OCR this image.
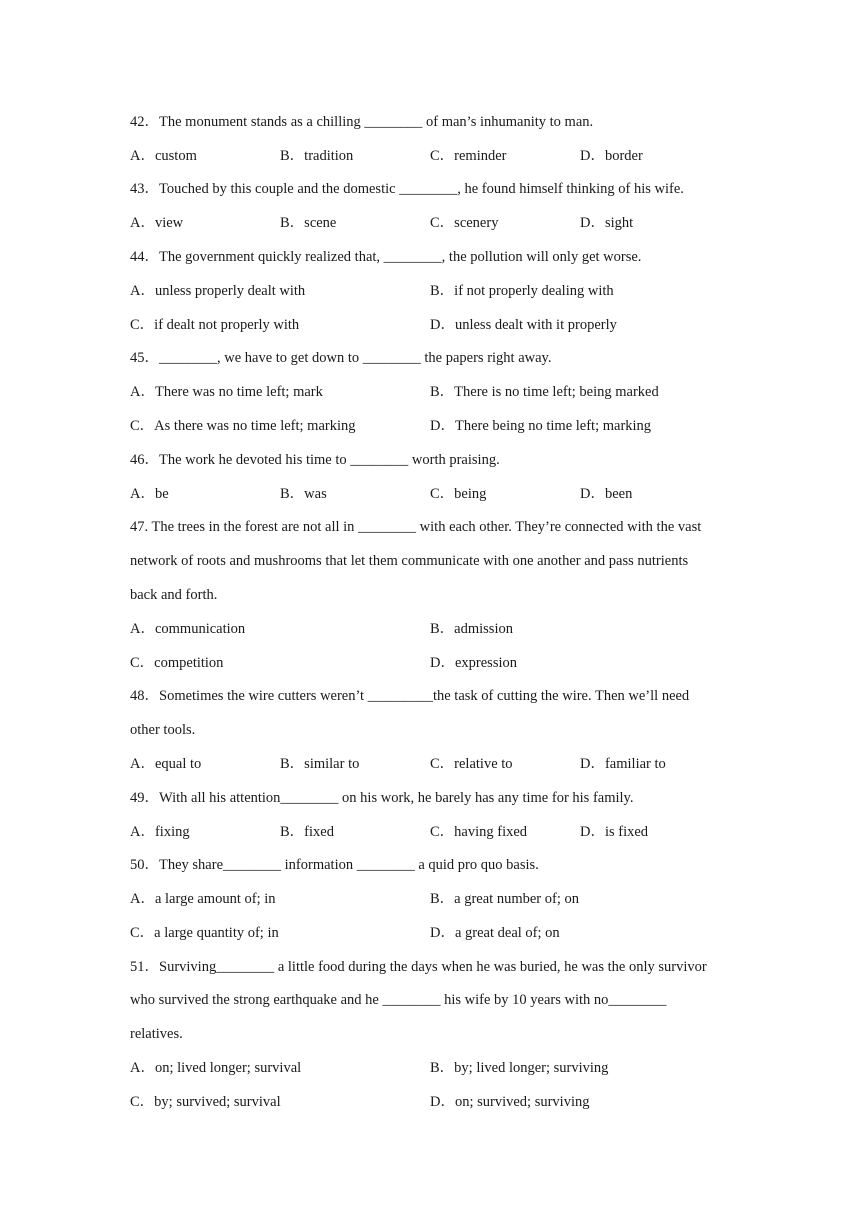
42．The monument stands as a chilling ________ of man’s inhumanity to man.
A．custom	B．tradition	C．reminder	D．border
43．Touched by this couple and the domestic ________, he found himself thinking of his wife.
A．view	B．scene	C．scenery	D．sight
44．The government quickly realized that, ________, the pollution will only get worse.
A．unless properly dealt with	B．if not properly dealing with
C．if dealt not properly with	D．unless dealt with it properly
45．________, we have to get down to ________ the papers right away.
A．There was no time left; mark	B．There is no time left; being marked
C．As there was no time left; marking	D．There being no time left; marking
46．The work he devoted his time to ________ worth praising.
A．be	B．was	C．being	D．been
47. The trees in the forest are not all in ________ with each other. They’re connected with the vast
network of roots and mushrooms that let them communicate with one another and pass nutrients
back and forth.
A．communication	B．admission
C．competition	D．expression
48．Sometimes the wire cutters weren’t _________the task of cutting the wire. Then we’ll need
other tools.
A．equal to	B．similar to	C．relative to	D．familiar to
49．With all his attention________ on his work, he barely has any time for his family.
A．fixing	B．fixed	C．having fixed	D．is fixed
50．They share________ information ________ a quid pro quo basis.
A．a large amount of; in	B．a great number of; on
C．a large quantity of; in	D．a great deal of; on
51．Surviving________ a little food during the days when he was buried, he was the only survivor
who survived the strong earthquake and he ________ his wife by 10 years with no________
relatives.
A．on; lived longer; survival	B．by; lived longer; surviving
C．by; survived; survival	D．on; survived; surviving
